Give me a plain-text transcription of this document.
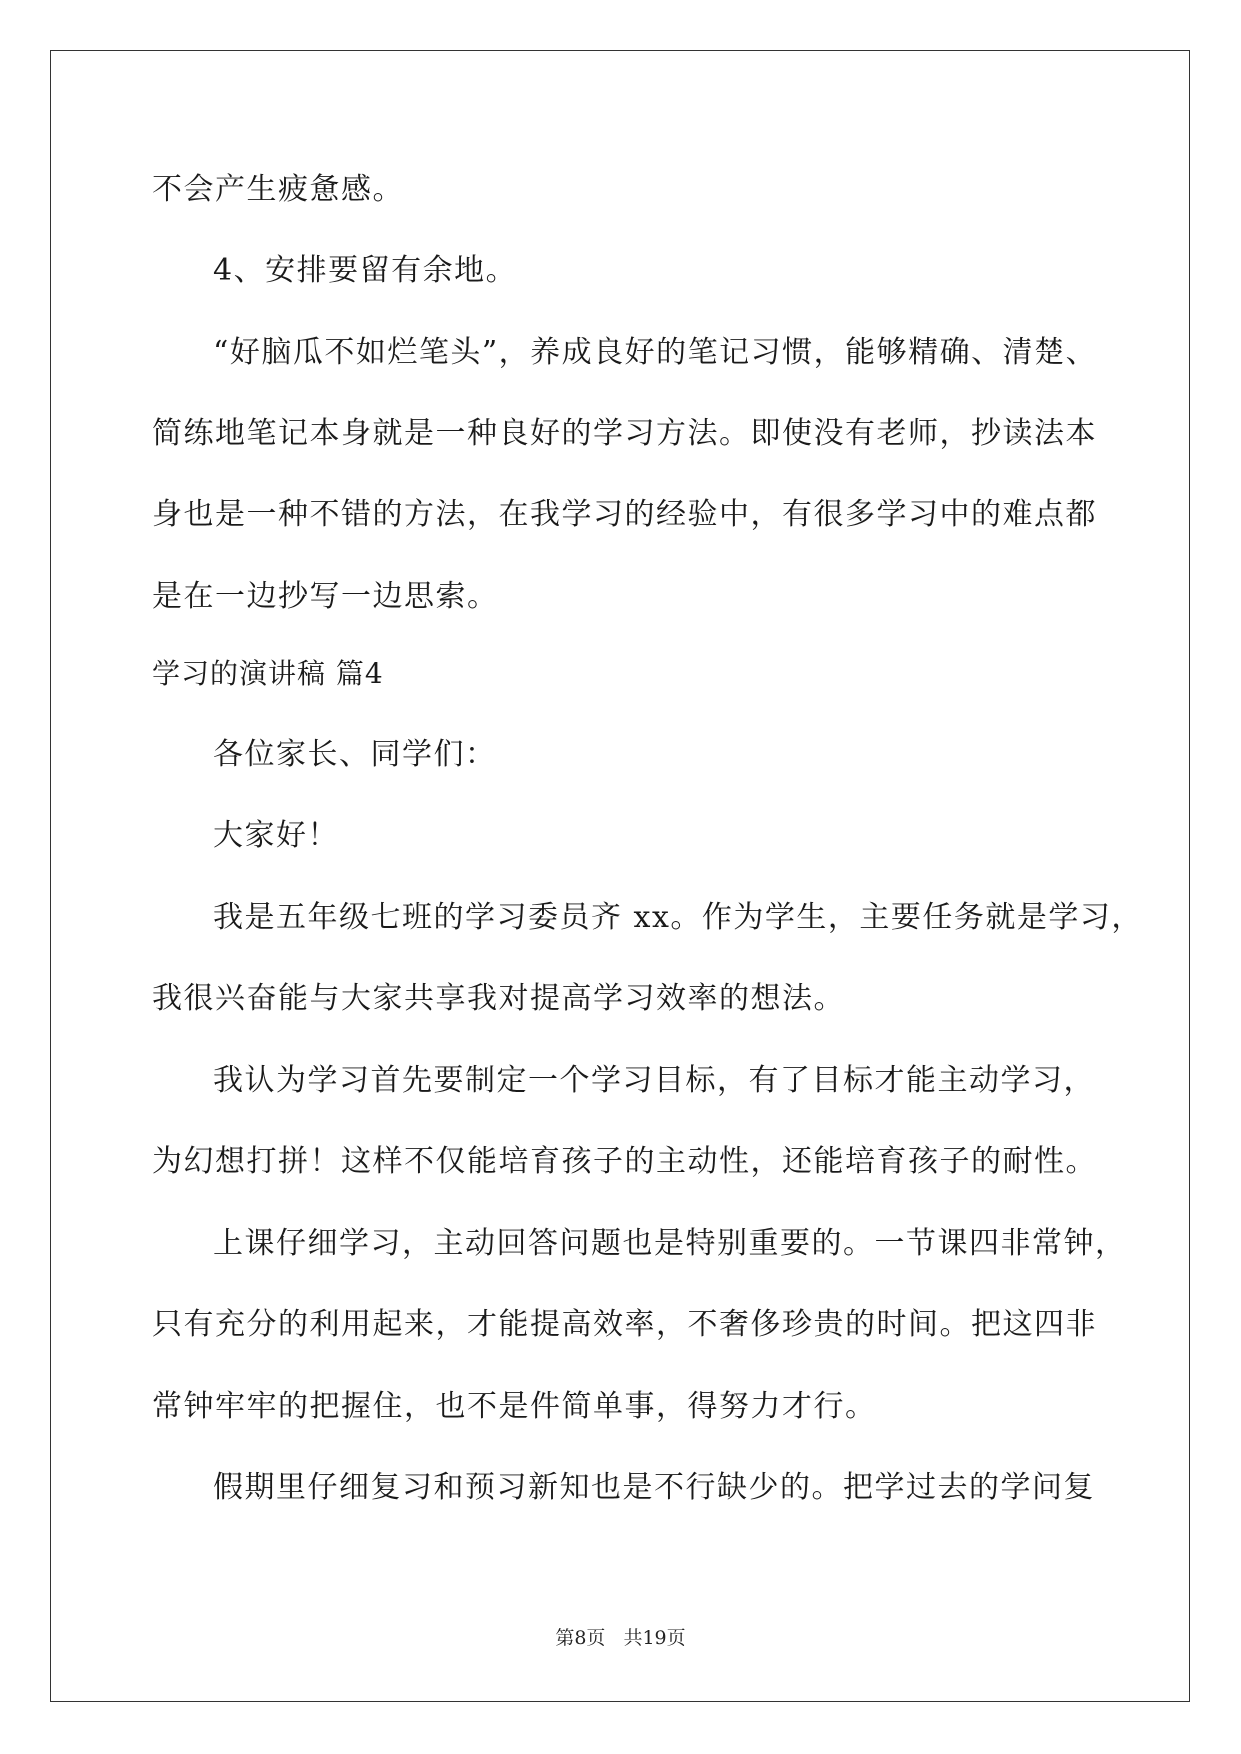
不会产生疲惫感。
4、安排要留有余地。
“好脑瓜不如烂笔头”，养成良好的笔记习惯，能够精确、清楚、
简练地笔记本身就是一种良好的学习方法。即使没有老师，抄读法本
身也是一种不错的方法，在我学习的经验中，有很多学习中的难点都
是在一边抄写一边思索。
学习的演讲稿 篇4
各位家长、同学们：
大家好！
我是五年级七班的学习委员齐 xx。作为学生，主要任务就是学习，
我很兴奋能与大家共享我对提高学习效率的想法。
我认为学习首先要制定一个学习目标，有了目标才能主动学习，
为幻想打拼！这样不仅能培育孩子的主动性，还能培育孩子的耐性。
上课仔细学习，主动回答问题也是特别重要的。一节课四非常钟，
只有充分的利用起来，才能提高效率，不奢侈珍贵的时间。把这四非
常钟牢牢的把握住，也不是件简单事，得努力才行。
假期里仔细复习和预习新知也是不行缺少的。把学过去的学问复
第8页 共19页
